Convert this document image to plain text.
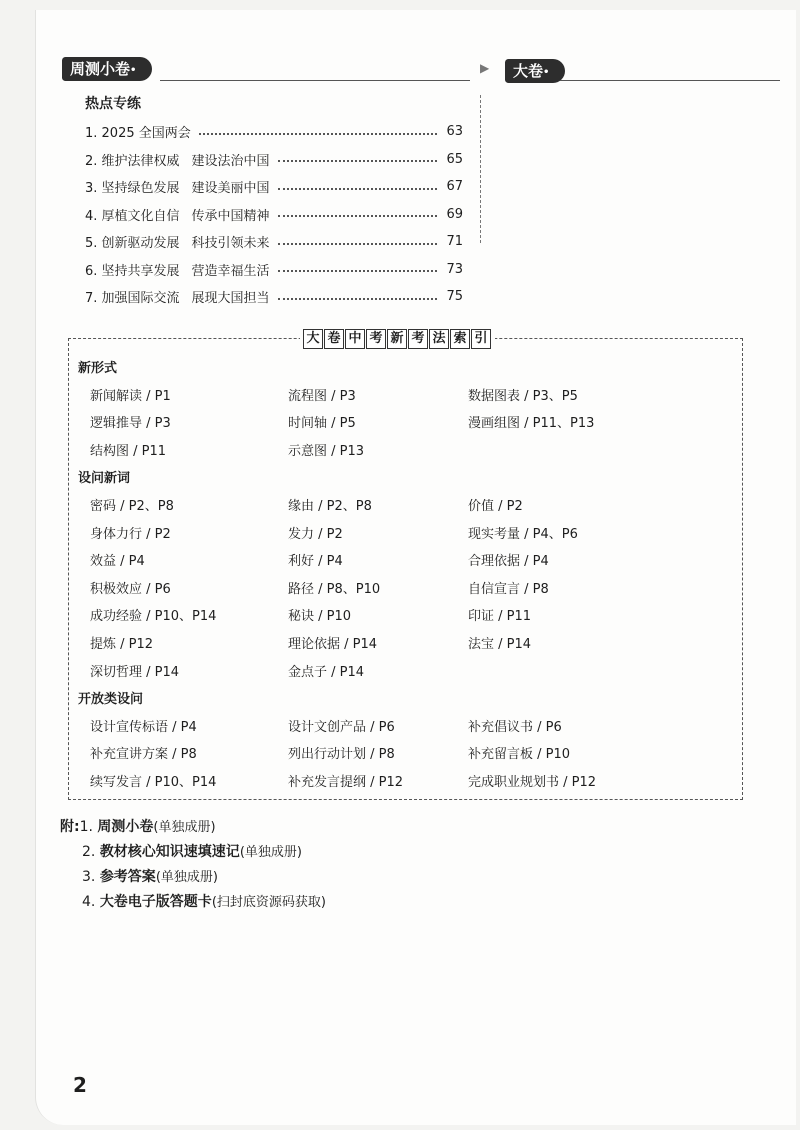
周测小卷•	▶	大卷•
热点专练
1. 2025 全国两会	63
2. 维护法律权威 建设法治中国	65
3. 坚持绿色发展 建设美丽中国	67
4. 厚植文化自信 传承中国精神	69
5. 创新驱动发展 科技引领未来	71
6. 坚持共享发展 营造幸福生活	73
7. 加强国际交流 展现大国担当	75
大 卷 中 考 新 考 法 索 引
新形式
新闻解读 / P1	流程图 / P3	数据图表 / P3、P5
逻辑推导 / P3	时间轴 / P5	漫画组图 / P11、P13
结构图 / P11	示意图 / P13
设问新词
密码 / P2、P8	缘由 / P2、P8	价值 / P2
身体力行 / P2	发力 / P2	现实考量 / P4、P6
效益 / P4	利好 / P4	合理依据 / P4
积极效应 / P6	路径 / P8、P10	自信宣言 / P8
成功经验 / P10、P14	秘诀 / P10	印证 / P11
提炼 / P12	理论依据 / P14	法宝 / P14
深切哲理 / P14	金点子 / P14
开放类设问
设计宣传标语 / P4	设计文创产品 / P6	补充倡议书 / P6
补充宣讲方案 / P8	列出行动计划 / P8	补充留言板 / P10
续写发言 / P10、P14	补充发言提纲 / P12	完成职业规划书 / P12
附:1. 周测小卷(单独成册)
2. 教材核心知识速填速记(单独成册)
3. 参考答案(单独成册)
4. 大卷电子版答题卡(扫封底资源码获取)
2
